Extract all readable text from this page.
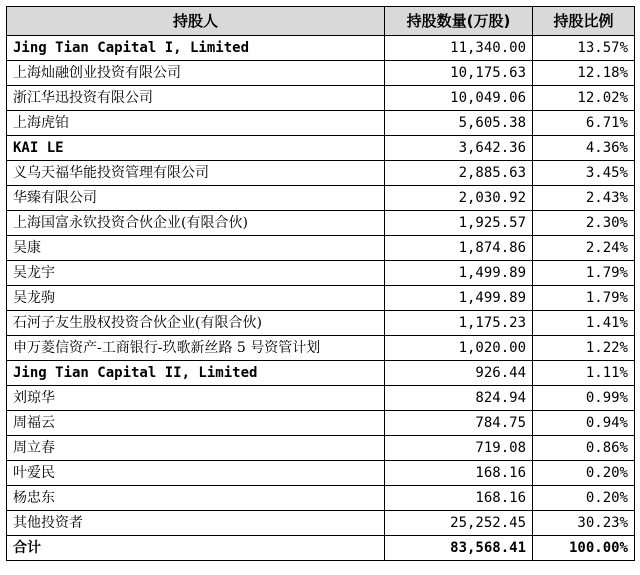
持股人	持股数量(万股)	持股比例
Jing Tian Capital I, Limited	11,340.00	13.57%
上海灿融创业投资有限公司	10,175.63	12.18%
浙江华迅投资有限公司	10,049.06	12.02%
上海虎铂	5,605.38	6.71%
KAI LE	3,642.36	4.36%
义乌天福华能投资管理有限公司	2,885.63	3.45%
华臻有限公司	2,030.92	2.43%
上海国富永钦投资合伙企业(有限合伙)	1,925.57	2.30%
吴康	1,874.86	2.24%
吴龙宇	1,499.89	1.79%
吴龙驹	1,499.89	1.79%
石河子友生股权投资合伙企业(有限合伙)	1,175.23	1.41%
申万菱信资产-工商银行-玖歌新丝路 5 号资管计划	1,020.00	1.22%
Jing Tian Capital II, Limited	926.44	1.11%
刘琼华	824.94	0.99%
周福云	784.75	0.94%
周立春	719.08	0.86%
叶爱民	168.16	0.20%
杨忠东	168.16	0.20%
其他投资者	25,252.45	30.23%
合计	83,568.41	100.00%
